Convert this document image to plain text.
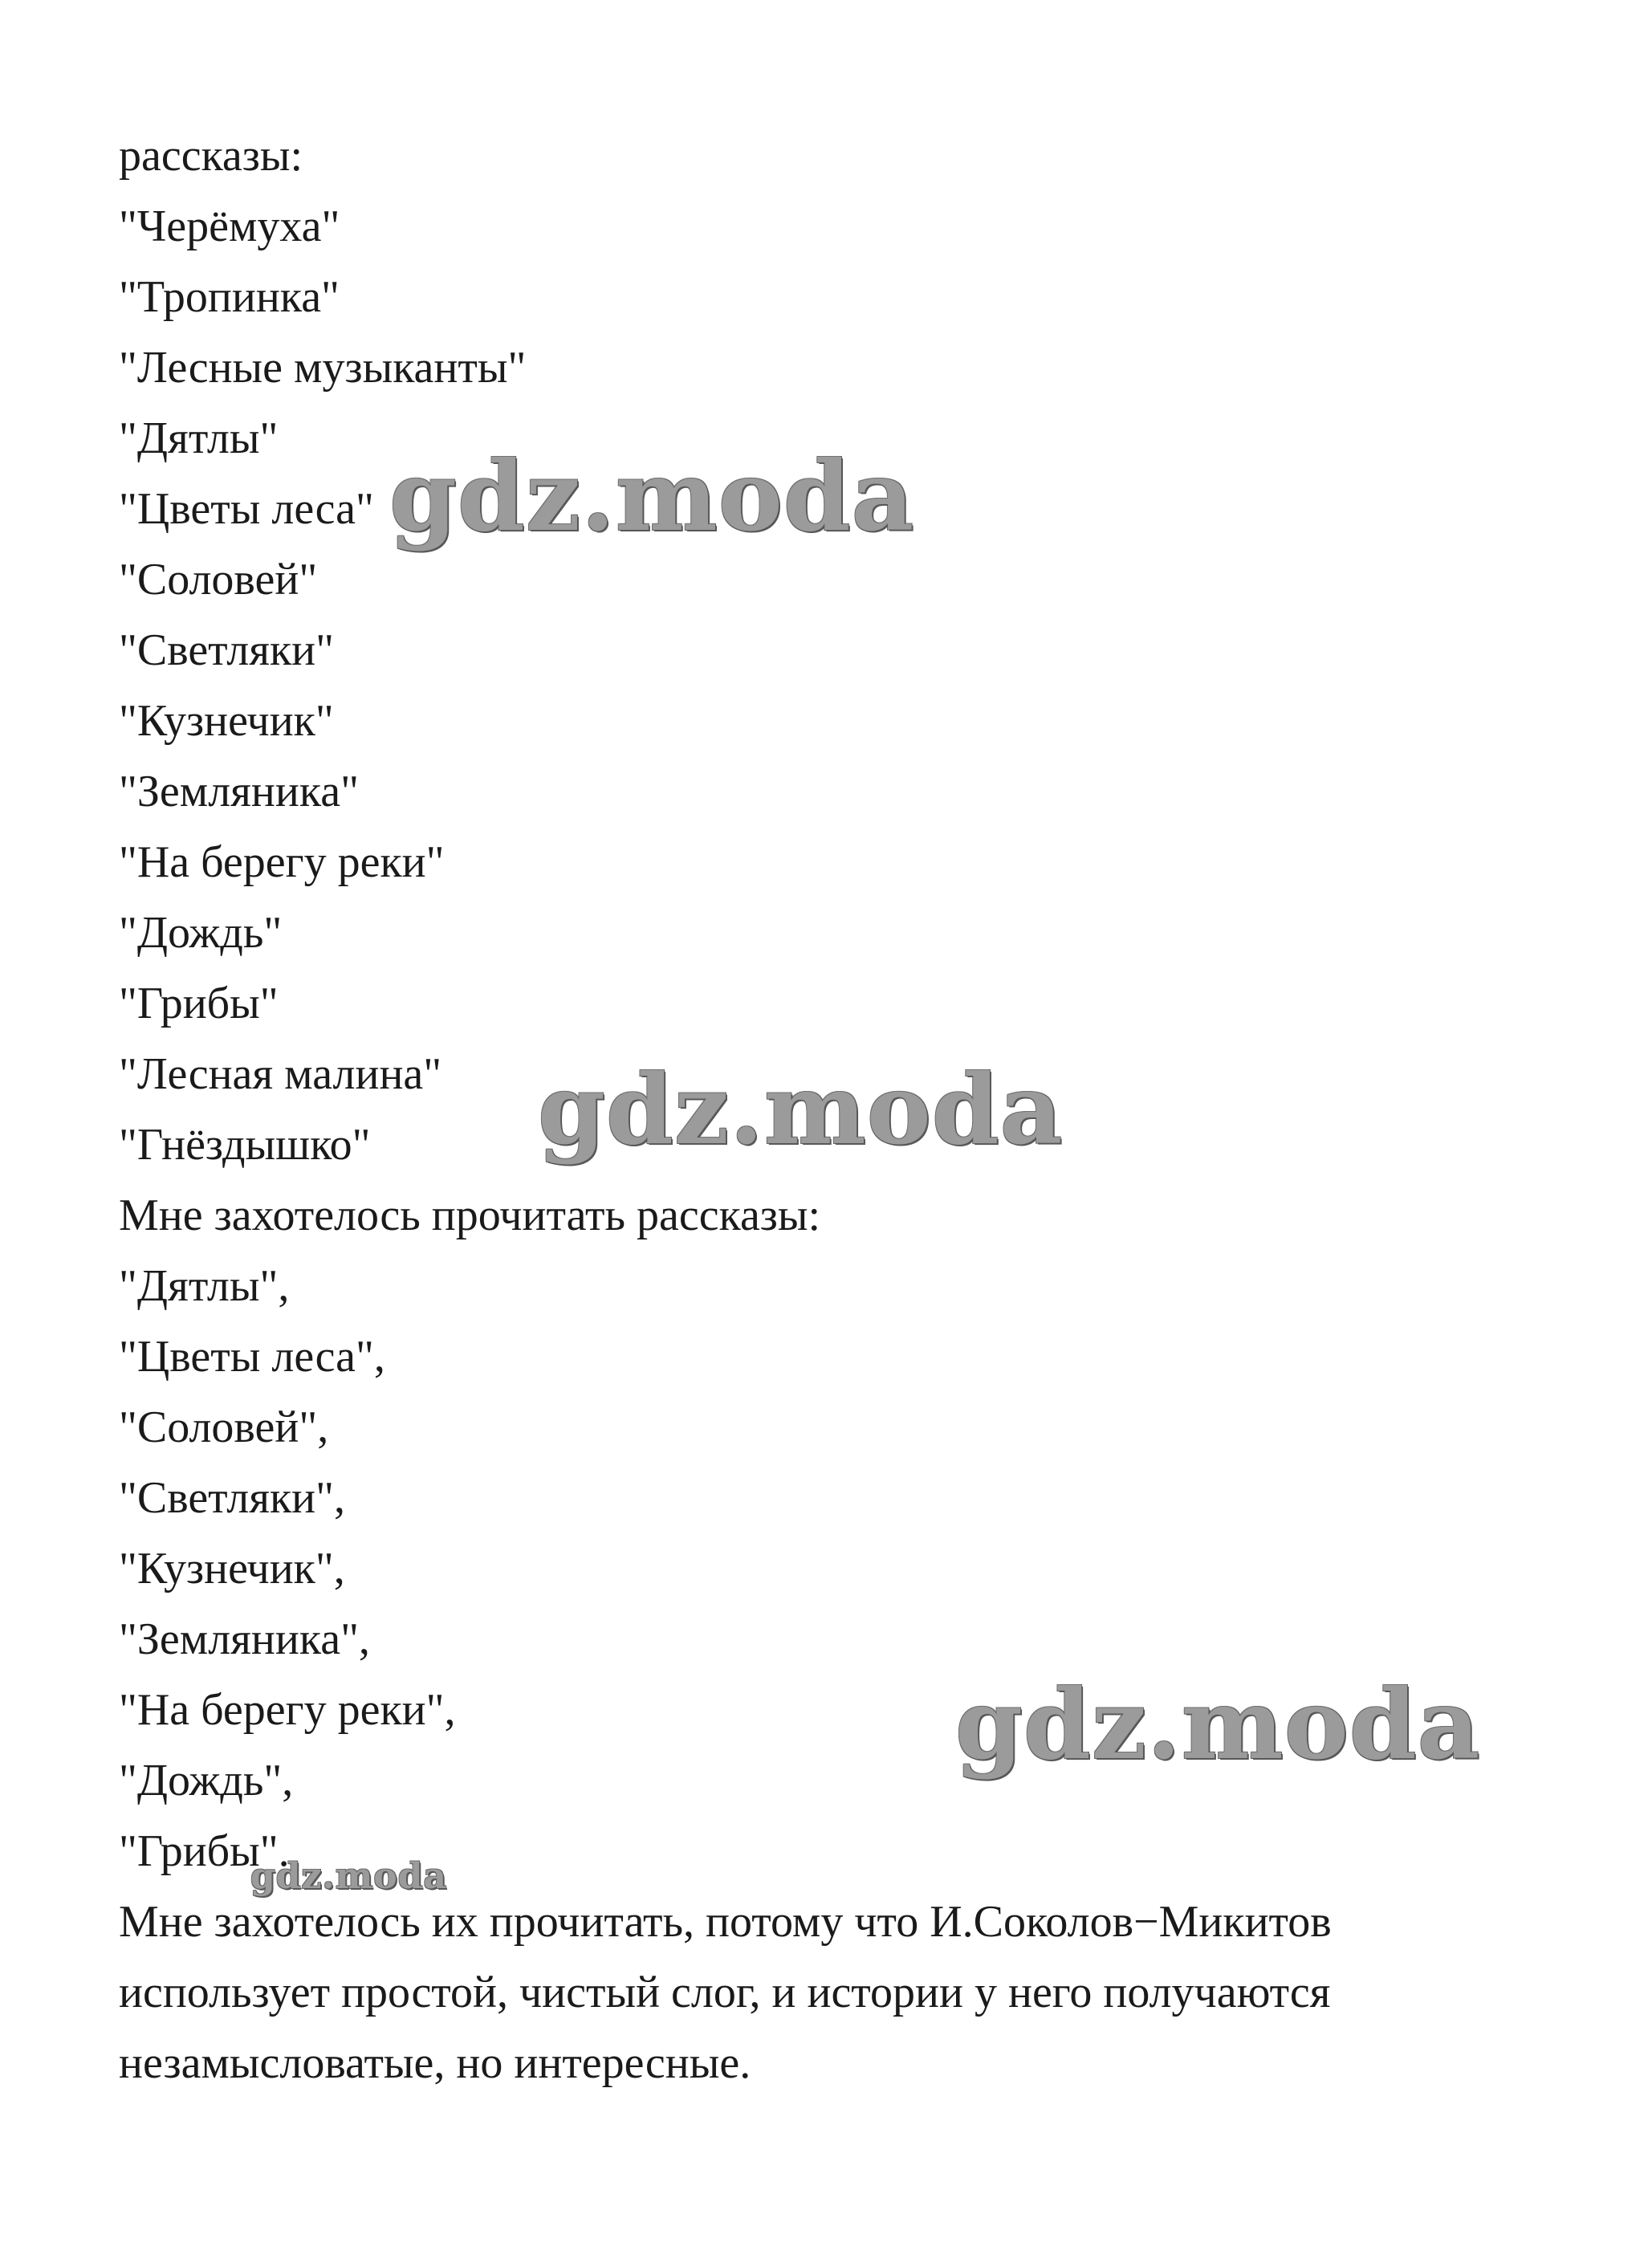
рассказы:
"Черёмуха"
"Тропинка"
"Лесные музыканты"
"Дятлы"
"Цветы леса"
"Соловей"
"Светляки"
"Кузнечик"
"Земляника"
"На берегу реки"
"Дождь"
"Грибы"
"Лесная малина"
"Гнёздышко"
Мне захотелось прочитать рассказы:
"Дятлы",
"Цветы леса",
"Соловей",
"Светляки",
"Кузнечик",
"Земляника",
"На берегу реки",
"Дождь",
"Грибы".
Мне захотелось их прочитать, потому что И.Соколов−Микитов использует простой, чистый слог, и истории у него получаются незамысловатые, но интересные.
gdz.moda
gdz.moda
gdz.moda
gdz.moda
